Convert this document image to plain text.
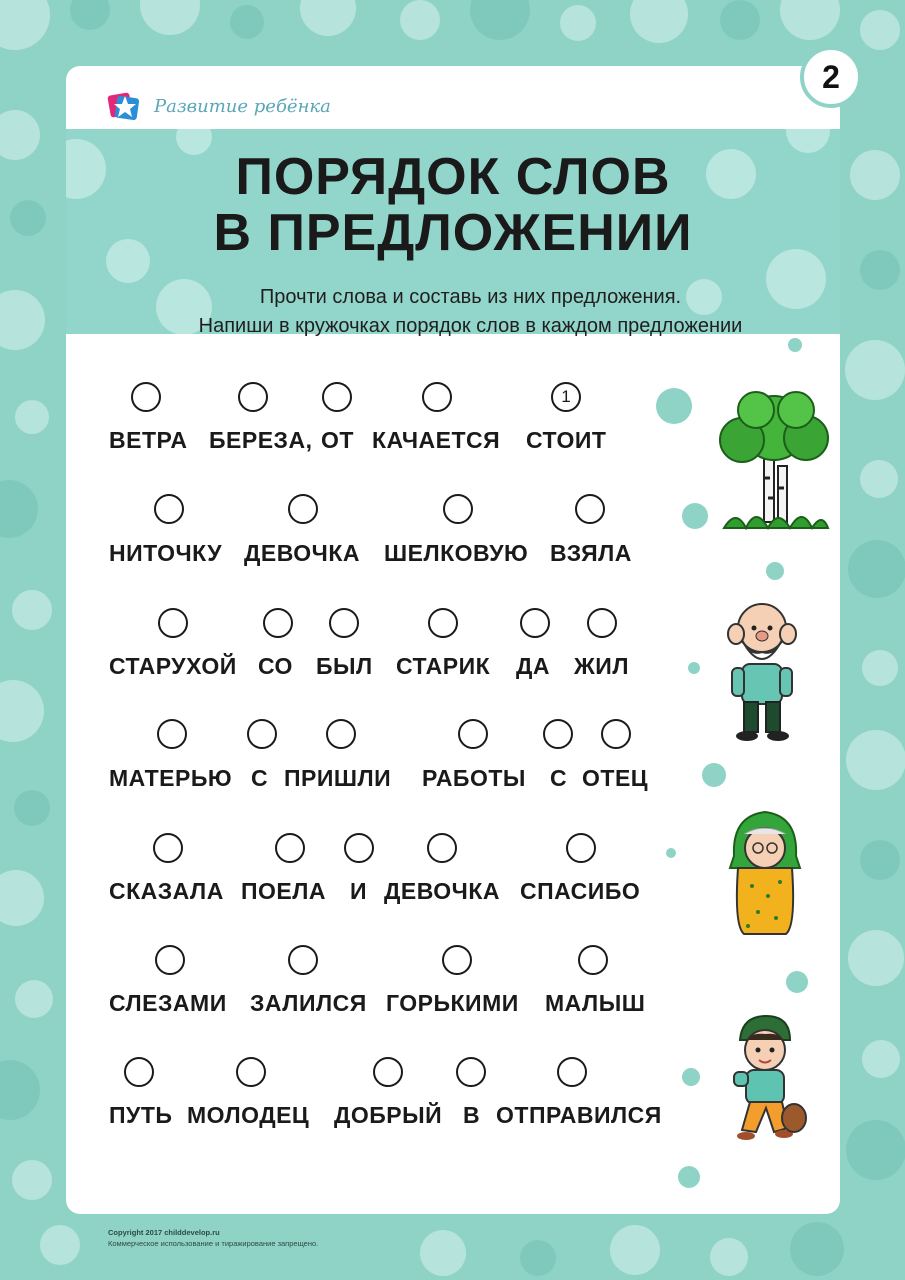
Развитие ребёнка
ПОРЯДОК СЛОВ
В ПРЕДЛОЖЕНИИ
Прочти слова и составь из них предложения.
Напиши в кружочках порядок слов в каждом предложении
1
ВЕТРА БЕРЕЗА, ОТ КАЧАЕТСЯ СТОИТ
НИТОЧКУ ДЕВОЧКА ШЕЛКОВУЮ ВЗЯЛА
СТАРУХОЙ СО БЫЛ СТАРИК ДА ЖИЛ
МАТЕРЬЮ С ПРИШЛИ РАБОТЫ С ОТЕЦ
СКАЗАЛА ПОЕЛА И ДЕВОЧКА СПАСИБО
СЛЕЗАМИ ЗАЛИЛСЯ ГОРЬКИМИ МАЛЫШ
ПУТЬ МОЛОДЕЦ ДОБРЫЙ В ОТПРАВИЛСЯ
2
Copyright 2017 childdevelop.ru
Коммерческое использование и тиражирование запрещено.
